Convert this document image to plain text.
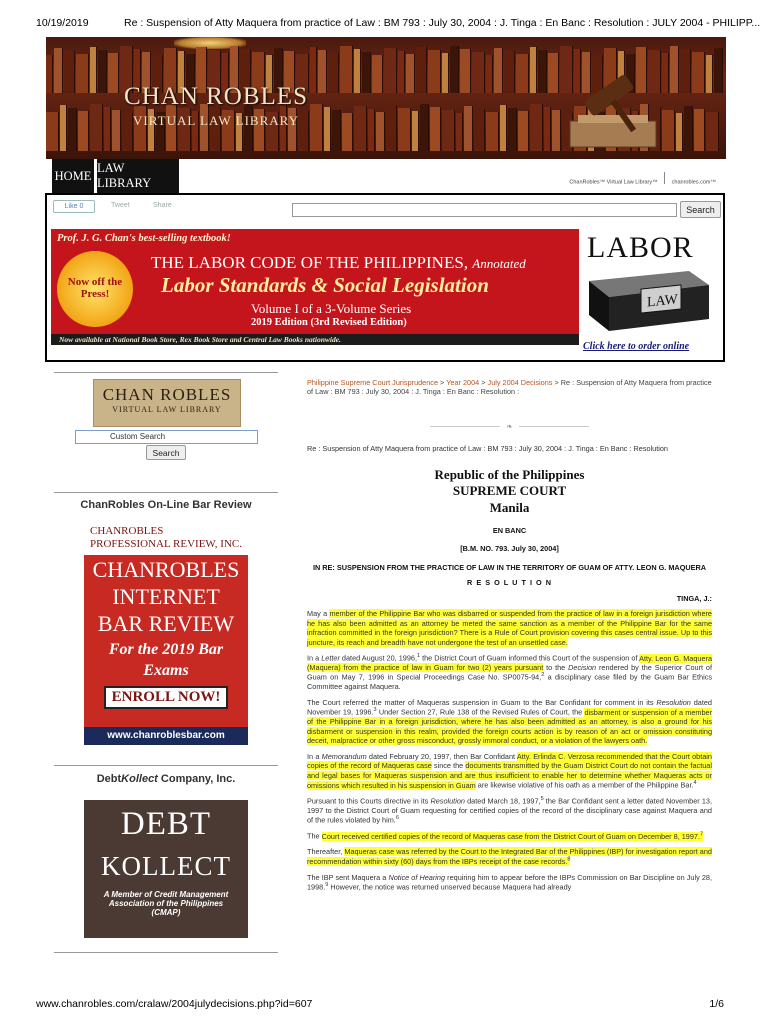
10/19/2019	Re : Suspension of Atty Maquera from practice of Law : BM 793 : July 30, 2004 : J. Tinga : En Banc : Resolution : JULY 2004 - PHILIPP...
CHAN ROBLES
VIRTUAL LAW LIBRARY
HOME
LAW LIBRARY	ChanRobles™ Virtual Law Library™	chanrobles.com™
Like 0	Tweet	Share	Search
Prof. J. G. Chan's best-selling textbook!
Now off the Press!
THE LABOR CODE OF THE PHILIPPINES, Annotated
Labor Standards & Social Legislation
Volume I of a 3-Volume Series
2019 Edition (3rd Revised Edition)
Now available at National Book Store, Rex Book Store and Central Law Books nationwide.
LABOR
LAW
Click here to order online
CHAN ROBLES
VIRTUAL LAW LIBRARY
Custom Search
Search
ChanRobles On-Line Bar Review
CHANROBLES
PROFESSIONAL REVIEW, INC.
CHANROBLES
INTERNET
BAR REVIEW
For the 2019 Bar
Exams
ENROLL NOW!
www.chanroblesbar.com
DebtKollect Company, Inc.
DEBT
KOLLECT
A Member of Credit Management Association of the Philippines (CMAP)
Philippine Supreme Court Jurisprudence > Year 2004 > July 2004 Decisions > Re : Suspension of Atty Maquera from practice of Law : BM 793 : July 30, 2004 : J. Tinga : En Banc : Resolution :
❧
Re : Suspension of Atty Maquera from practice of Law : BM 793 : July 30, 2004 : J. Tinga : En Banc : Resolution
Republic of the Philippines
SUPREME COURT
Manila
EN BANC
[B.M. NO. 793. July 30, 2004]
IN RE: SUSPENSION FROM THE PRACTICE OF LAW IN THE TERRITORY OF GUAM OF ATTY. LEON G. MAQUERA
R E S O L U T I O N
TINGA, J.:

May a member of the Philippine Bar who was disbarred or suspended from the practice of law in a foreign jurisdiction where he has also been admitted as an attorney be meted the same sanction as a member of the Philippine Bar for the same infraction committed in the foreign jurisdiction? There is a Rule of Court provision covering this cases central issue. Up to this juncture, its reach and breadth have not undergone the test of an unsettled case.

In a Letter dated August 20, 1996,$^1$ the District Court of Guam informed this Court of the suspension of Atty. Leon G. Maquera (Maquera) from the practice of law in Guam for two (2) years pursuant to the Decision rendered by the Superior Court of Guam on May 7, 1996 in Special Proceedings Case No. SP0075-94,$^2$ a disciplinary case filed by the Guam Bar Ethics Committee against Maquera.

The Court referred the matter of Maqueras suspension in Guam to the Bar Confidant for comment in its Resolution dated November 19, 1996.$^3$ Under Section 27, Rule 138 of the Revised Rules of Court, the disbarment or suspension of a member of the Philippine Bar in a foreign jurisdiction, where he has also been admitted as an attorney, is also a ground for his disbarment or suspension in this realm, provided the foreign courts action is by reason of an act or omission constituting deceit, malpractice or other gross misconduct, grossly immoral conduct, or a violation of the lawyers oath.

In a Memorandum dated February 20, 1997, then Bar Confidant Atty. Erlinda C. Verzosa recommended that the Court obtain copies of the record of Maqueras case since the documents transmitted by the Guam District Court do not contain the factual and legal bases for Maqueras suspension and are thus insufficient to enable her to determine whether Maqueras acts or omissions which resulted in his suspension in Guam are likewise violative of his oath as a member of the Philippine Bar.$^4$

Pursuant to this Courts directive in its Resolution dated March 18, 1997,$^5$ the Bar Confidant sent a letter dated November 13, 1997 to the District Court of Guam requesting for certified copies of the record of the disciplinary case against Maquera and of the rules violated by him.$^6$

The Court received certified copies of the record of Maqueras case from the District Court of Guam on December 8, 1997.$^7$

Thereafter, Maqueras case was referred by the Court to the Integrated Bar of the Philippines (IBP) for investigation report and recommendation within sixty (60) days from the IBPs receipt of the case records.$^8$

The IBP sent Maquera a Notice of Hearing requiring him to appear before the IBPs Commission on Bar Discipline on July 28, 1998.$^9$ However, the notice was returned unserved because Maquera had already

www.chanrobles.com/cralaw/2004julydecisions.php?id=607	1/6
